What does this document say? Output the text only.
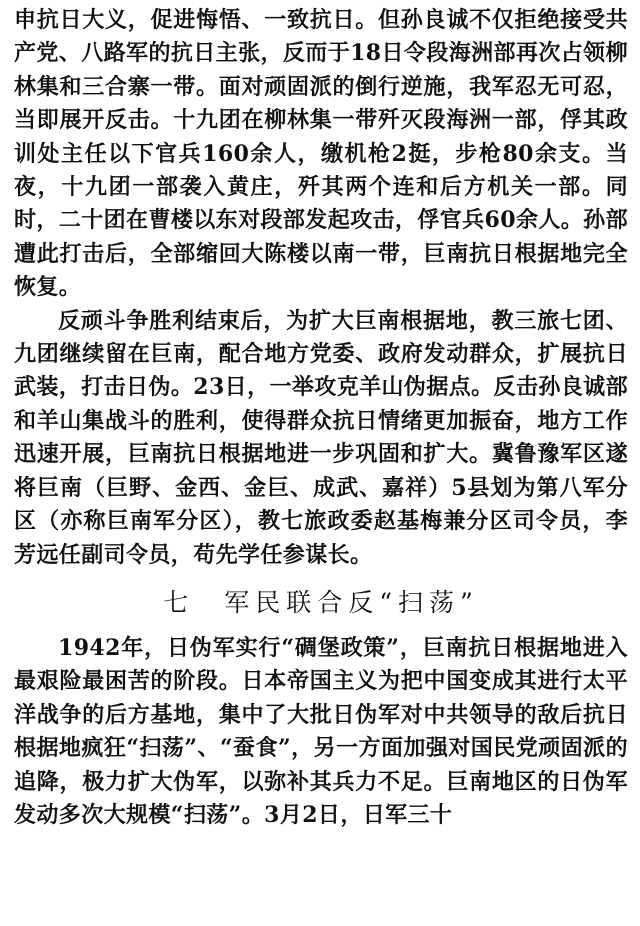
申抗日大义，促进悔悟、一致抗日。但孙良诚不仅拒绝接受共产党、八路军的抗日主张，反而于18日令段海洲部再次占领柳林集和三合寨一带。面对顽固派的倒行逆施，我军忍无可忍，当即展开反击。十九团在柳林集一带歼灭段海洲一部，俘其政训处主任以下官兵160余人，缴机枪2挺，步枪80余支。当夜，十九团一部袭入黄庄，歼其两个连和后方机关一部。同时，二十团在曹楼以东对段部发起攻击，俘官兵60余人。孙部遭此打击后，全部缩回大陈楼以南一带，巨南抗日根据地完全恢复。

反顽斗争胜利结束后，为扩大巨南根据地，教三旅七团、九团继续留在巨南，配合地方党委、政府发动群众，扩展抗日武装，打击日伪。23日，一举攻克羊山伪据点。反击孙良诚部和羊山集战斗的胜利，使得群众抗日情绪更加振奋，地方工作迅速开展，巨南抗日根据地进一步巩固和扩大。冀鲁豫军区遂将巨南（巨野、金西、金巨、成武、嘉祥）5县划为第八军分区（亦称巨南军分区），教七旅政委赵基梅兼分区司令员，李芳远任副司令员，苟先学任参谋长。

七 军民联合反“扫荡”

1942年，日伪军实行“碉堡政策”，巨南抗日根据地进入最艰险最困苦的阶段。日本帝国主义为把中国变成其进行太平洋战争的后方基地，集中了大批日伪军对中共领导的敌后抗日根据地疯狂“扫荡”、“蚕食”，另一方面加强对国民党顽固派的追降，极力扩大伪军，以弥补其兵力不足。巨南地区的日伪军发动多次大规模“扫荡”。3月2日，日军三十
